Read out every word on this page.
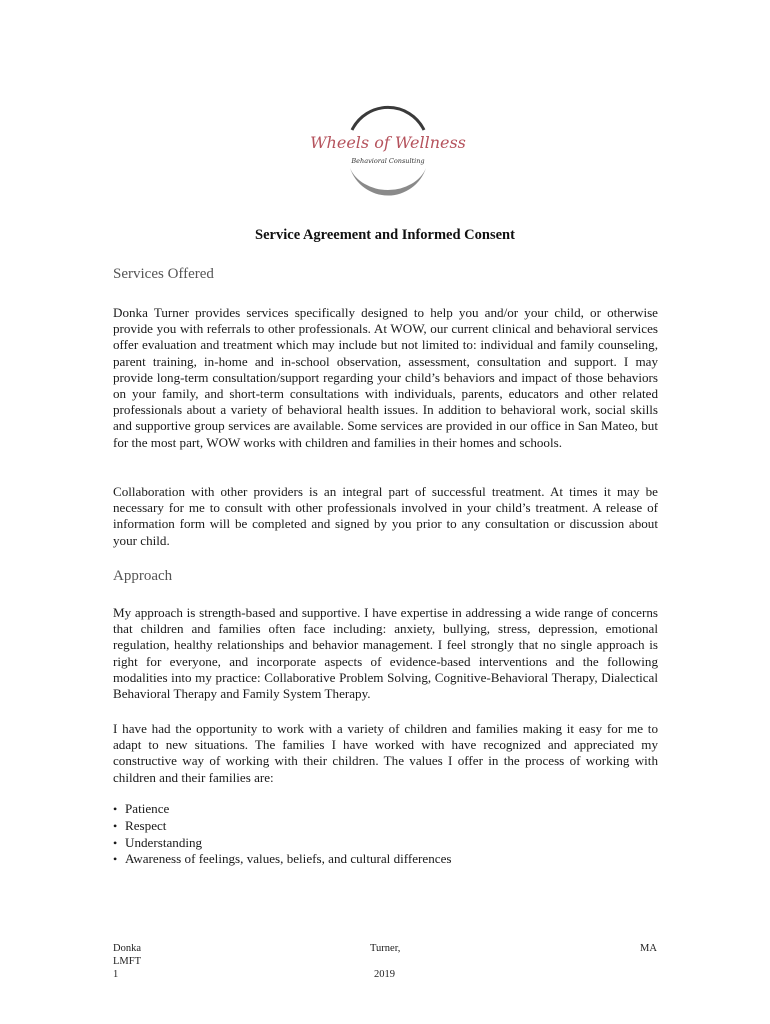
Wheels of Wellness
Behavioral Consulting
Service Agreement and Informed Consent
Services Offered
Donka Turner provides services specifically designed to help you and/or your child, or otherwise provide you with referrals to other professionals. At WOW, our current clinical and behavioral services offer evaluation and treatment which may include but not limited to: individual and family counseling, parent training, in-home and in-school observation, assessment, consultation and support. I may provide long-term consultation/support regarding your child’s behaviors and impact of those behaviors on your family, and short-term consultations with individuals, parents, educators and other related professionals about a variety of behavioral health issues. In addition to behavioral work, social skills and supportive group services are available. Some services are provided in our office in San Mateo, but for the most part, WOW works with children and families in their homes and schools.
Collaboration with other providers is an integral part of successful treatment. At times it may be necessary for me to consult with other professionals involved in your child’s treatment. A release of information form will be completed and signed by you prior to any consultation or discussion about your child.
Approach
My approach is strength-based and supportive. I have expertise in addressing a wide range of concerns that children and families often face including: anxiety, bullying, stress, depression, emotional regulation, healthy relationships and behavior management. I feel strongly that no single approach is right for everyone, and incorporate aspects of evidence-based interventions and the following modalities into my practice: Collaborative Problem Solving, Cognitive-Behavioral Therapy, Dialectical Behavioral Therapy and Family System Therapy.
I have had the opportunity to work with a variety of children and families making it easy for me to adapt to new situations. The families I have worked with have recognized and appreciated my constructive way of working with their children. The values I offer in the process of working with children and their families are:
• Patience
• Respect
• Understanding
• Awareness of feelings, values, beliefs, and cultural differences
Donka
LMFT
1
Turner,
2019
MA
